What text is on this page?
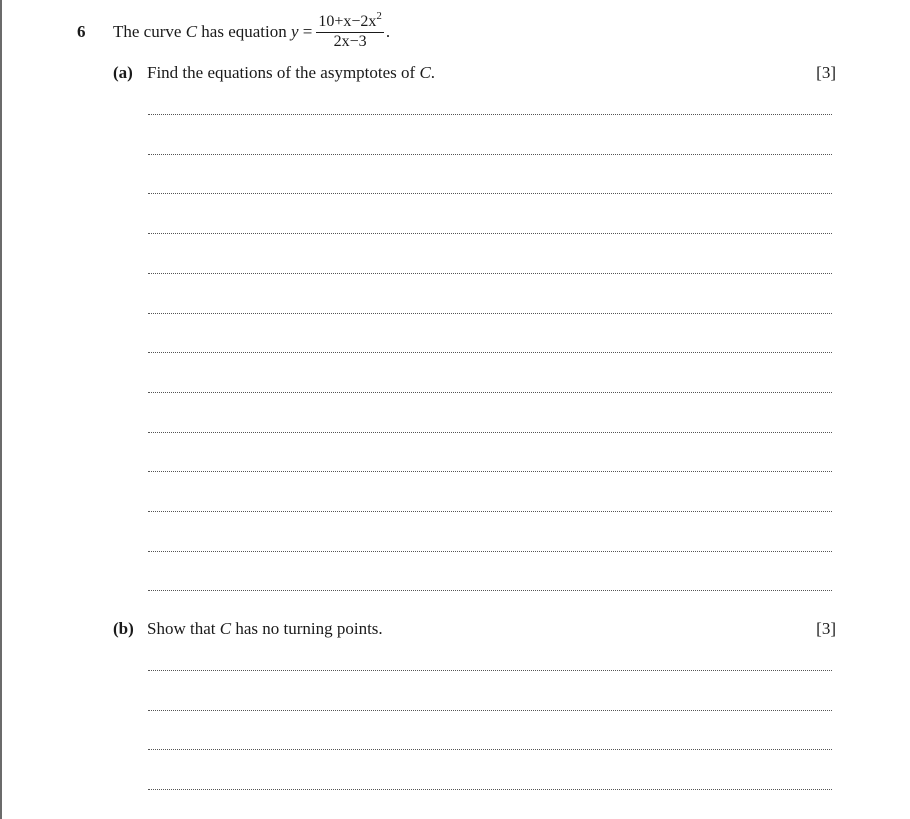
6 The curve
C
has equation
y
= $\frac{10+x-2x^2}{2x-3}$ .
(a) Find the equations of the asymptotes of C.	[3]
(b) Show that C has no turning points.	[3]
